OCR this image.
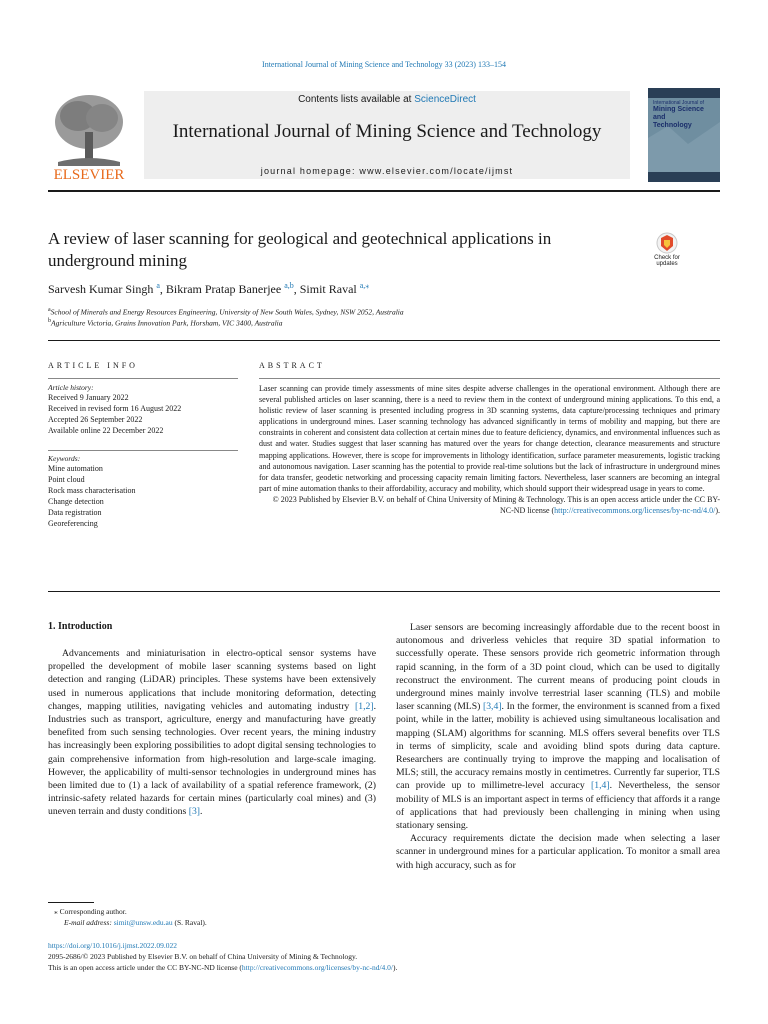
International Journal of Mining Science and Technology 33 (2023) 133–154
ELSEVIER
Contents lists available at ScienceDirect
International Journal of Mining Science and Technology
journal homepage: www.elsevier.com/locate/ijmst
International Journal of
Mining Science
and
Technology
A review of laser scanning for geological and geotechnical applications in underground mining	Check for updates
Sarvesh Kumar Singh $^a$, Bikram Pratap Banerjee $^{a,b}$, Simit Raval $^{a,⁎}$
$^a$School of Minerals and Energy Resources Engineering, University of New South Wales, Sydney, NSW 2052, Australia
$^b$Agriculture Victoria, Grains Innovation Park, Horsham, VIC 3400, Australia
ARTICLE INFO
Article history:
Received 9 January 2022
Received in revised form 16 August 2022
Accepted 26 September 2022
Available online 22 December 2022
Keywords:
Mine automation
Point cloud
Rock mass characterisation
Change detection
Data registration
Georeferencing
ABSTRACT
Laser scanning can provide timely assessments of mine sites despite adverse challenges in the operational environment. Although there are several published articles on laser scanning, there is a need to review them in the context of underground mining applications. To this end, a holistic review of laser scanning is presented including progress in 3D scanning systems, data capture/processing techniques and primary applications in underground mines. Laser scanning technology has advanced significantly in terms of mobility and mapping, but there are constraints in coherent and consistent data collection at certain mines due to feature deficiency, dynamics, and environmental influences such as dust and water. Studies suggest that laser scanning has matured over the years for change detection, clearance measurements and structure mapping applications. However, there is scope for improvements in lithology identification, surface parameter measurements, logistic tracking and autonomous navigation. Laser scanning has the potential to provide real-time solutions but the lack of infrastructure in underground mines for data transfer, geodetic networking and processing capacity remain limiting factors. Nevertheless, laser scanners are becoming an integral part of mine automation thanks to their affordability, accuracy and mobility, which should support their widespread usage in years to come.
© 2023 Published by Elsevier B.V. on behalf of China University of Mining & Technology. This is an open access article under the CC BY-NC-ND license (http://creativecommons.org/licenses/by-nc-nd/4.0/).
1. Introduction

Advancements and miniaturisation in electro-optical sensor systems have propelled the development of mobile laser scanning systems based on light detection and ranging (LiDAR) principles. These systems have been extensively used in numerous applications that include monitoring deformation, detecting changes, mapping utilities, navigating vehicles and automating industry [1,2]. Industries such as transport, agriculture, energy and manufacturing have greatly benefited from such sensing technologies. Over recent years, the mining industry has increasingly been exploring possibilities to adopt digital sensing technologies to gain comprehensive information from high-resolution and large-scale imaging. However, the applicability of multi-sensor technologies in underground mines has been limited due to (1) a lack of availability of a spatial reference framework, (2) intrinsic-safety related hazards for certain mines (particularly coal mines) and (3) uneven terrain and dusty conditions [3].

Laser sensors are becoming increasingly affordable due to the recent boost in autonomous and driverless vehicles that require 3D spatial information to successfully operate. These sensors provide rich geometric information through rapid scanning, in the form of a 3D point cloud, which can be used to digitally reconstruct the environment. The current means of producing point clouds in underground mines mainly involve terrestrial laser scanning (TLS) and mobile laser scanning (MLS) [3,4]. In the former, the environment is scanned from a fixed point, while in the latter, mobility is achieved using simultaneous localisation and mapping (SLAM) algorithms for scanning. MLS offers several benefits over TLS in terms of simplicity, scale and avoiding blind spots during data capture. Researchers are continually trying to improve the mapping and localisation of MLS; still, the accuracy remains mostly in centimetres. Currently far superior, TLS can provide up to millimetre-level accuracy [1,4]. Nevertheless, the sensor mobility of MLS is an important aspect in terms of efficiency that affords it a range of applications that had previously been challenging in mining when using stationary sensing.

Accuracy requirements dictate the decision made when selecting a laser scanner in underground mines for a particular application. To monitor a small area with high accuracy, such as for

⁎ Corresponding author.
E-mail address: simit@unsw.edu.au (S. Raval).
https://doi.org/10.1016/j.ijmst.2022.09.022
2095-2686/© 2023 Published by Elsevier B.V. on behalf of China University of Mining & Technology.
This is an open access article under the CC BY-NC-ND license (http://creativecommons.org/licenses/by-nc-nd/4.0/).
